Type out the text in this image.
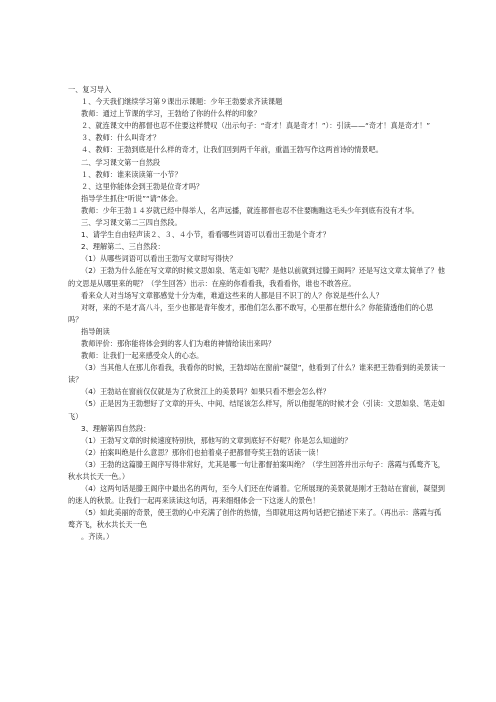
一、复习导入

１、今天我们继续学习第９课出示课题：少年王勃要求齐读课题

教师：通过上节课的学习，王勃给了你的什么样的印象？

２、就连课文中的都督也忍不住要这样赞叹（出示句子：“奇才！真是奇才！”）：引读——“奇才！真是奇才！”

３、教师：什么叫奇才？

４、教师：王勃到底是什么样的奇才，让我们回到两千年前，重温王勃写作这两首诗的情景吧。

二、学习课文第一自然段

１、教师：谁来读读第一小节？

２、这里你能体会到王勃是位奇才吗？

指导学生抓住“听说”“请”体会。

教师：少年王勃１４岁就已经中得举人，名声远播，就连都督也忍不住要瞧瞧这毛头少年到底有没有才华。

三、学习课文第二三四自然段。

1、请学生自由轻声读２、３、４小节，看看哪些词语可以看出王勃是个奇才？

2、理解第二、三自然段：

（1）从哪些词语可以看出王勃写文章时写得快？

（2）王勃为什么能在写文章的时候文思如泉、笔走如飞呢？是他以前就到过滕王阁吗？还是写这文章太简单了？他的文思是从哪里来的呢？（学生回答）出示：在座的你看看我，我看看你，谁也不敢答应。

看来众人对当场写文章都感觉十分为难，难道这些来的人都是目不识丁的人？你说是些什么人？

对呀，来的不是才高八斗，至少也都是青年俊才，那他们怎么都不敢写，心里都在想什么？你能猜透他们的心思吗？

指导朗读

教师评价：那你能将体会到的客人们为难的神情给读出来吗？

教师：让我们一起来感受众人的心态。

（3）当其他人在那儿你看我，我看你的时候，王勃却站在窗前“凝望”，他看到了什么？谁来把王勃看到的美景读一读？

（4）王勃站在窗前仅仅就是为了欣赏江上的美景吗？如果只看不想会怎么样？

（5）正是因为王勃想好了文章的开头、中间、结尾该怎么样写，所以他提笔的时候才会（引读：文思如泉、笔走如飞）

3、理解第四自然段：

（1）王勃写文章的时候速度特别快，那他写的文章到底好不好呢？你是怎么知道的？

（2）拍案叫绝是什么意思？那你们也拍着桌子把都督夸奖王勃的话读一读！

（3）王勃的这篇滕王阁序写得非常好，尤其是哪一句让都督拍案叫绝？（学生回答并出示句子：落霞与孤鹜齐飞，秋水共长天一色。）

（4）这两句话是滕王阁序中最出名的两句，至今人们还在传诵着。它所展现的美景就是刚才王勃站在窗前，凝望到的迷人的秋景。让我们一起再来读读这句话，再来细细体会一下这迷人的景色！

（5）如此美丽的奇景，使王勃的心中充满了创作的热情，当即就用这两句话把它描述下来了。（再出示：落霞与孤鹜齐飞，秋水共长天一色

。齐读。）
